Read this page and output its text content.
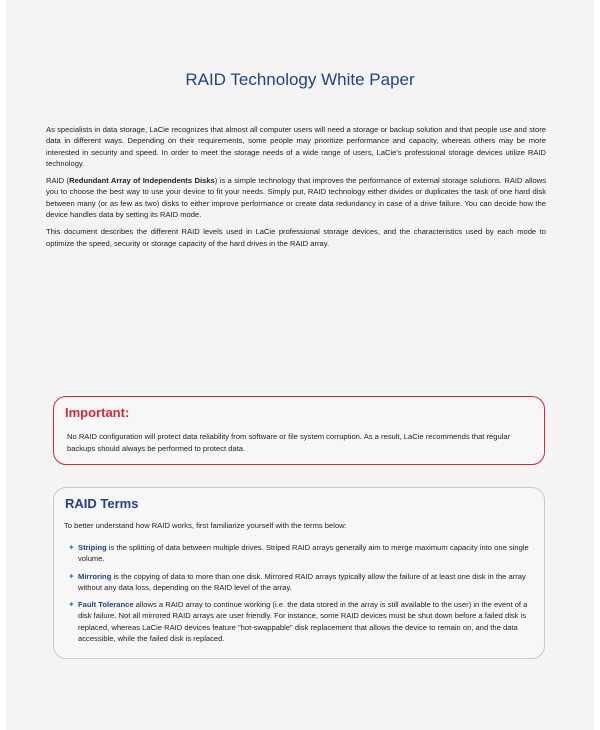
RAID Technology White Paper

As specialists in data storage, LaCie recognizes that almost all computer users will need a storage or backup solution and that people use and store data in different ways. Depending on their requirements, some people may prioritize performance and capacity, whereas others may be more interested in security and speed. In order to meet the storage needs of a wide range of users, LaCie's professional storage devices utilize RAID technology.

RAID (Redundant Array of Independents Disks) is a simple technology that improves the performance of external storage solutions. RAID allows you to choose the best way to use your device to fit your needs. Simply put, RAID technology either divides or duplicates the task of one hard disk between many (or as few as two) disks to either improve performance or create data redundancy in case of a drive failure. You can decide how the device handles data by setting its RAID mode.

This document describes the different RAID levels used in LaCie professional storage devices, and the characteristics used by each mode to optimize the speed, security or storage capacity of the hard drives in the RAID array.

Important:
No RAID configuration will protect data reliability from software or file system corruption. As a result, LaCie recommends that regular backups should always be performed to protect data.
RAID Terms
To better understand how RAID works, first familiarize yourself with the terms below:
✦ Striping is the splitting of data between multiple drives. Striped RAID arrays generally aim to merge maximum capacity into one single volume.
✦ Mirroring is the copying of data to more than one disk. Mirrored RAID arrays typically allow the failure of at least one disk in the array without any data loss, depending on the RAID level of the array.
✦ Fault Tolerance allows a RAID array to continue working (i.e. the data stored in the array is still available to the user) in the event of a disk failure. Not all mirrored RAID arrays are user friendly. For instance, some RAID devices must be shut down before a failed disk is replaced, whereas LaCie RAID devices feature "hot-swappable" disk replacement that allows the device to remain on, and the data accessible, while the failed disk is replaced.
